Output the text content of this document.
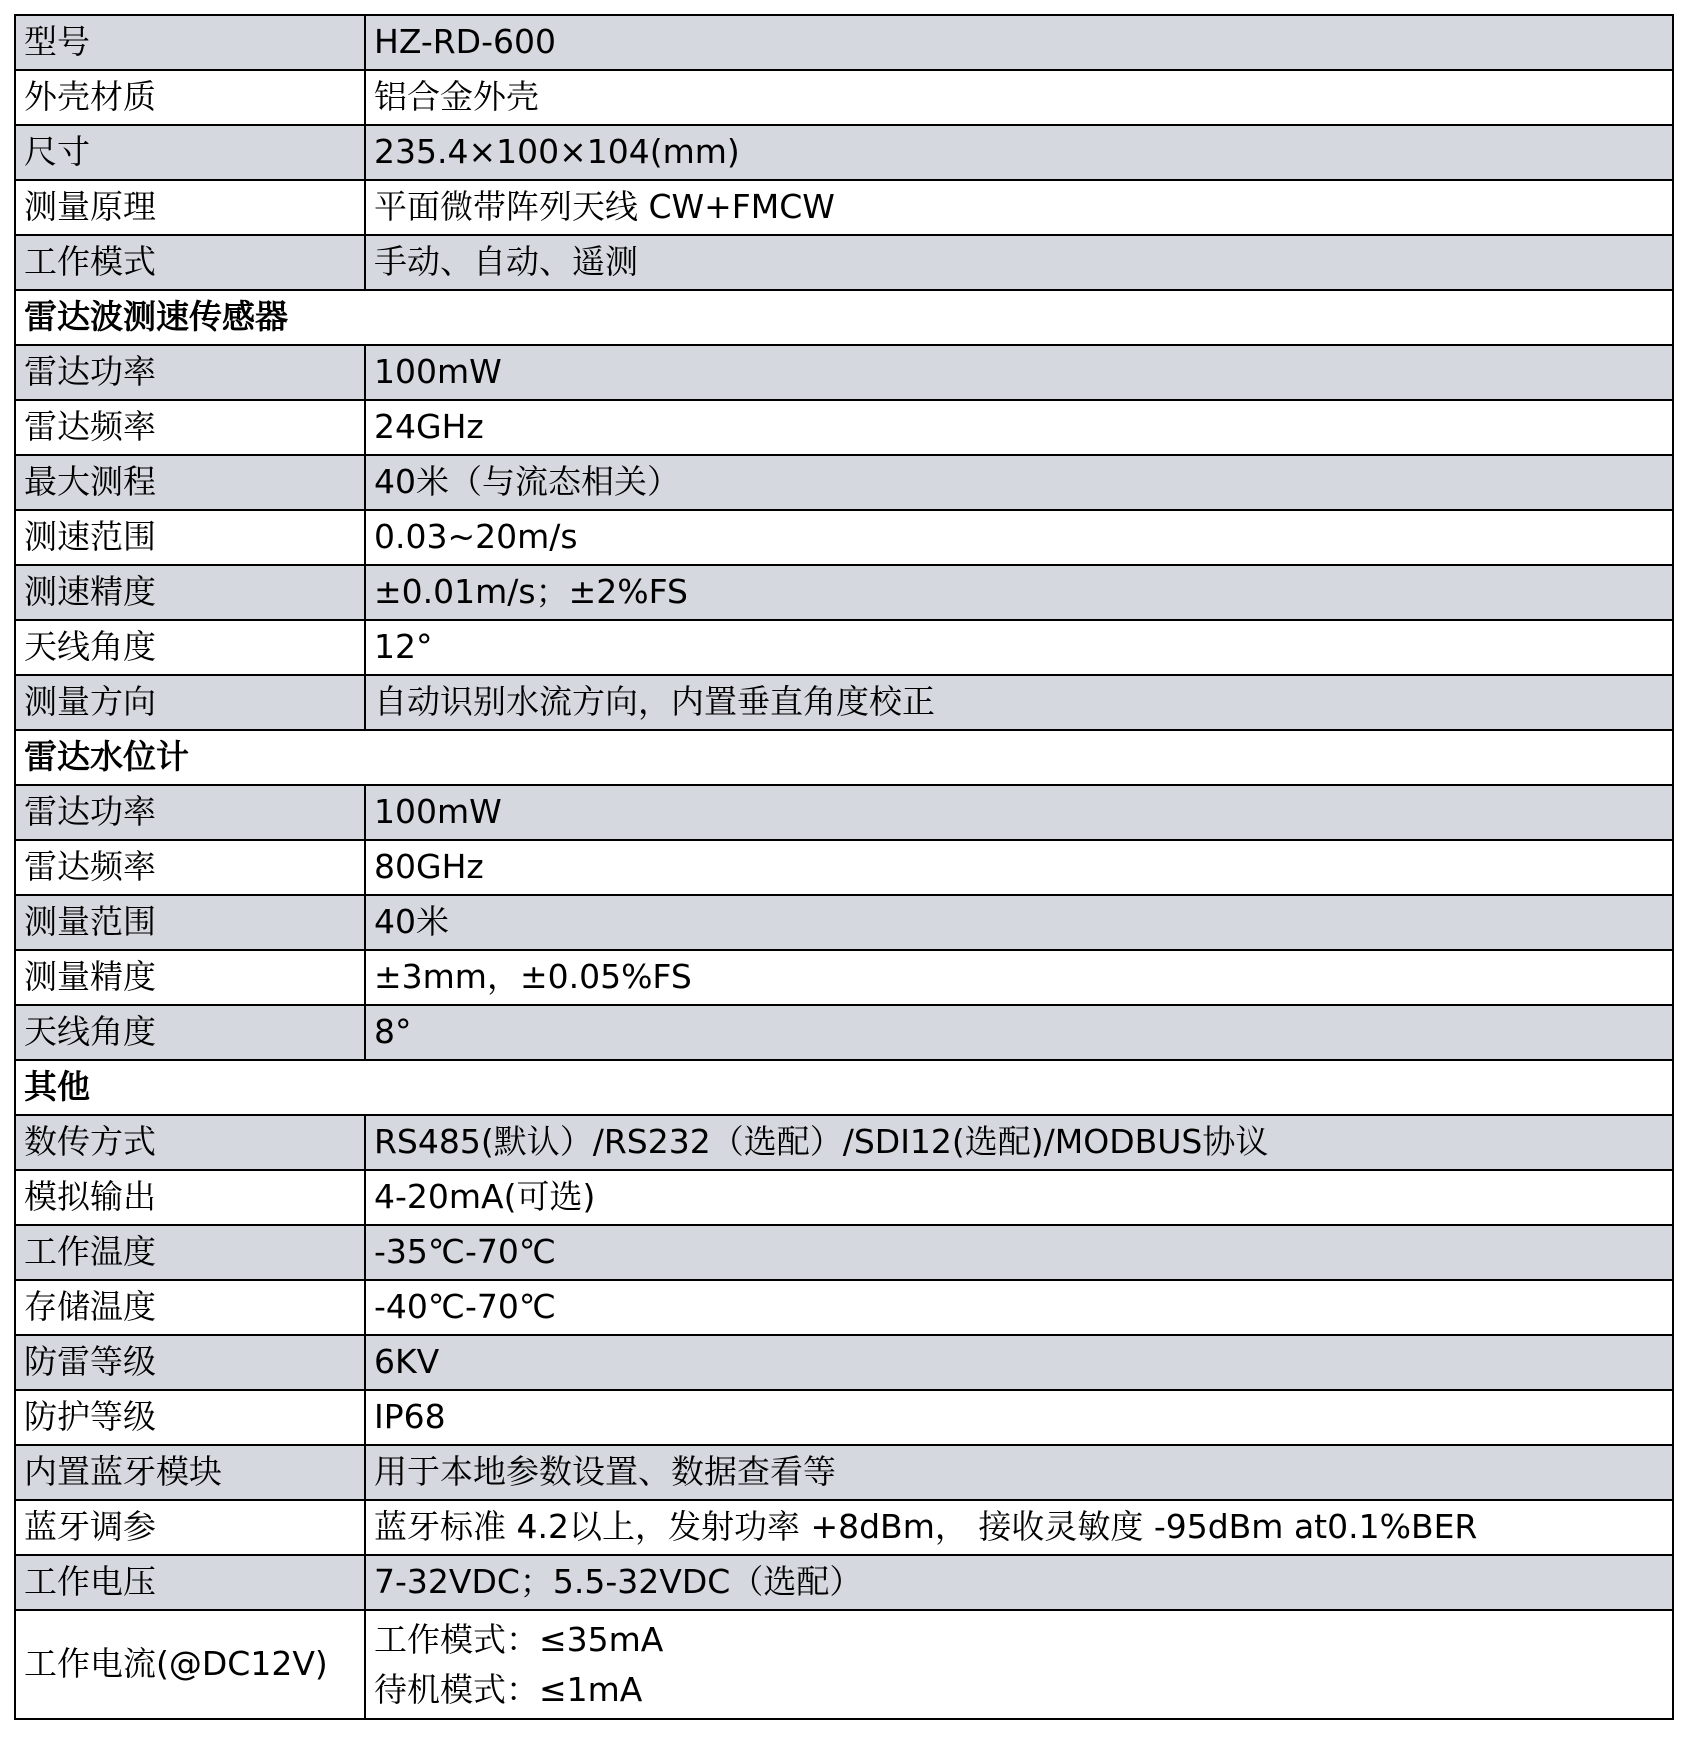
型号	HZ-RD-600
外壳材质	铝合金外壳
尺寸	235.4×100×104(mm)
测量原理	平面微带阵列天线 CW+FMCW
工作模式	手动、自动、遥测
雷达波测速传感器	
雷达功率	100mW
雷达频率	24GHz
最大测程	40米（与流态相关）
测速范围	0.03~20m/s
测速精度	±0.01m/s；±2%FS
天线角度	12°
测量方向	自动识别水流方向，内置垂直角度校正
雷达水位计	
雷达功率	100mW
雷达频率	80GHz
测量范围	40米
测量精度	±3mm，±0.05%FS
天线角度	8°
其他	
数传方式	RS485(默认）/RS232（选配）/SDI12(选配)/MODBUS协议
模拟输出	4-20mA(可选)
工作温度	-35℃-70℃
存储温度	-40℃-70℃
防雷等级	6KV
防护等级	IP68
内置蓝牙模块	用于本地参数设置、数据查看等
蓝牙调参	蓝牙标准 4.2以上，发射功率 +8dBm， 接收灵敏度 -95dBm at0.1%BER
工作电压	7-32VDC；5.5-32VDC（选配）
工作电流(@DC12V)	工作模式：≤35mA
待机模式：≤1mA
